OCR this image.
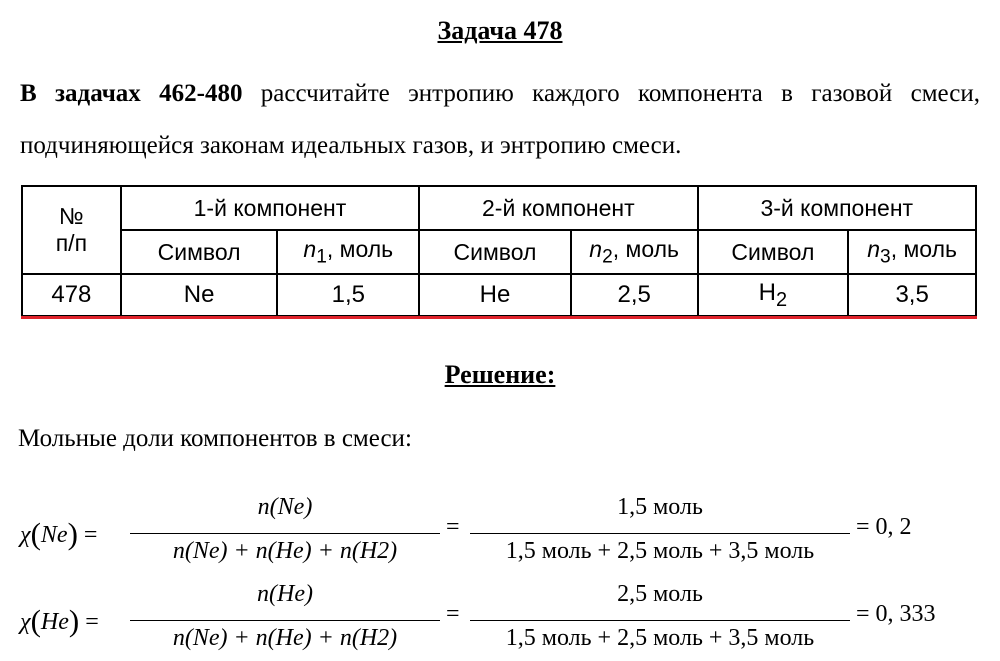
Задача 478
В задачах 462-480 рассчитайте энтропию каждого компонента в газовой смеси, подчиняющейся законам идеальных газов, и энтропию смеси.
№
п/п	1-й компонент		2-й компонент		3-й компонент	
	Символ	$n_1$, моль	Символ	$n_2$, моль	Символ	$n_3$, моль
478	Ne	1,5	He	2,5	$H_2$	3,5
Решение:
Мольные доли компонентов в смеси:
χ(Ne) =
n(Ne)
n(Ne) + n(He) + n(H2)
=
1,5 моль
1,5 моль + 2,5 моль + 3,5 моль
= 0, 2
χ(He) =
n(He)
n(Ne) + n(He) + n(H2)
=
2,5 моль
1,5 моль + 2,5 моль + 3,5 моль
= 0, 333
